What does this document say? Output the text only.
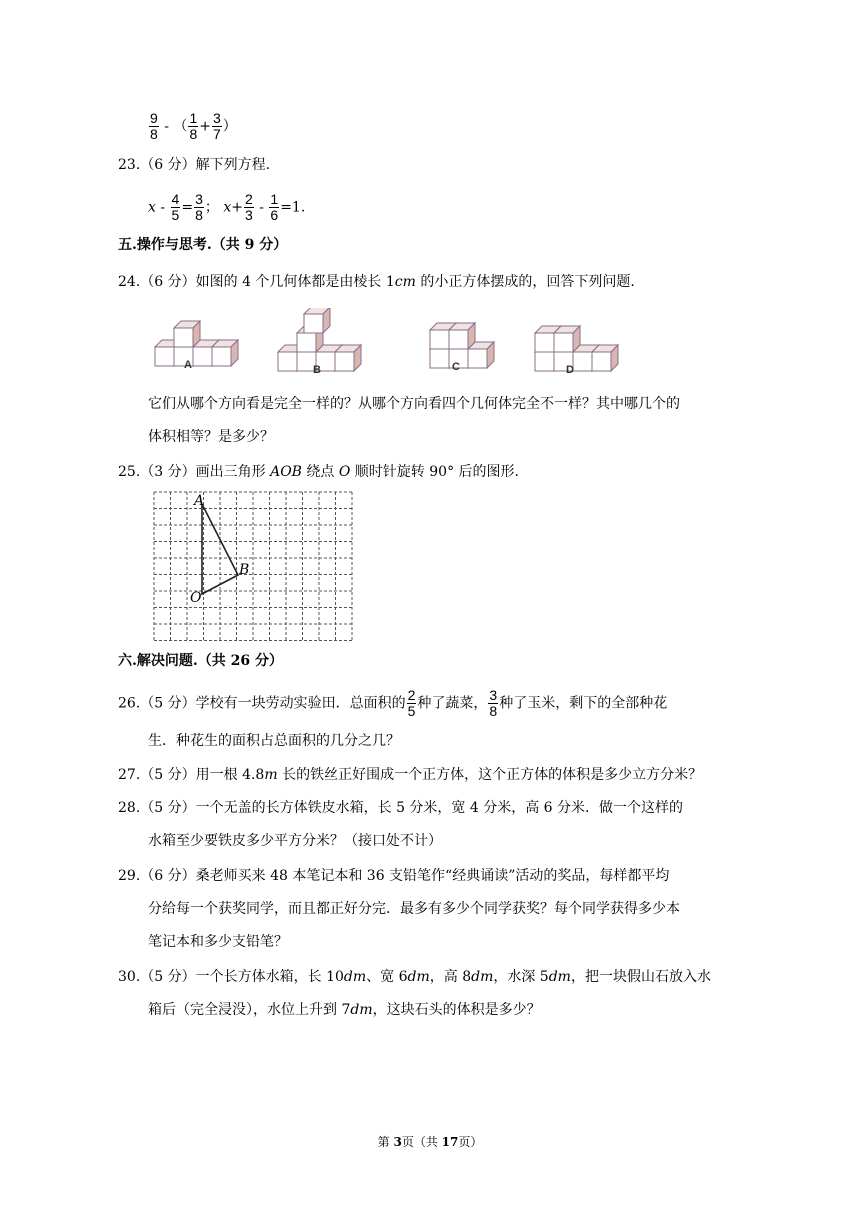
$\frac{9}{8}$ - （ $\frac{1}{8} + \frac{3}{7}$ ）
23.（6 分）解下列方程.
$x - \frac{4}{5} = \frac{3}{8}$ ； $x+ \frac{2}{3} - \frac{1}{6} =1$.
五.操作与思考.（共 9 分）
24.（6 分）如图的 4 个几何体都是由棱长 1cm 的小正方体摆成的，回答下列问题.
A	B	C	D
它们从哪个方向看是完全一样的？从哪个方向看四个几何体完全不一样？其中哪几个的
体积相等？是多少？
25.（3 分）画出三角形 AOB 绕点 O 顺时针旋转 90° 后的图形.
A
B
O
六.解决问题.（共 26 分）
26.（5 分）学校有一块劳动实验田．总面积的 $\frac{2}{5}$ 种了蔬菜， $\frac{3}{8}$ 种了玉米，剩下的全部种花
生．种花生的面积占总面积的几分之几？
27.（5 分）用一根 4.8m 长的铁丝正好围成一个正方体，这个正方体的体积是多少立方分米？
28.（5 分）一个无盖的长方体铁皮水箱，长 5 分米，宽 4 分米，高 6 分米．做一个这样的
水箱至少要铁皮多少平方分米？（接口处不计）
29.（6 分）桑老师买来 48 本笔记本和 36 支铅笔作“经典诵读”活动的奖品，每样都平均
分给每一个获奖同学，而且都正好分完．最多有多少个同学获奖？每个同学获得多少本
笔记本和多少支铅笔？
30.（5 分）一个长方体水箱，长 10dm、宽 6dm，高 8dm，水深 5dm，把一块假山石放入水
箱后（完全浸没），水位上升到 7dm，这块石头的体积是多少？
第 3页（共 17页）
